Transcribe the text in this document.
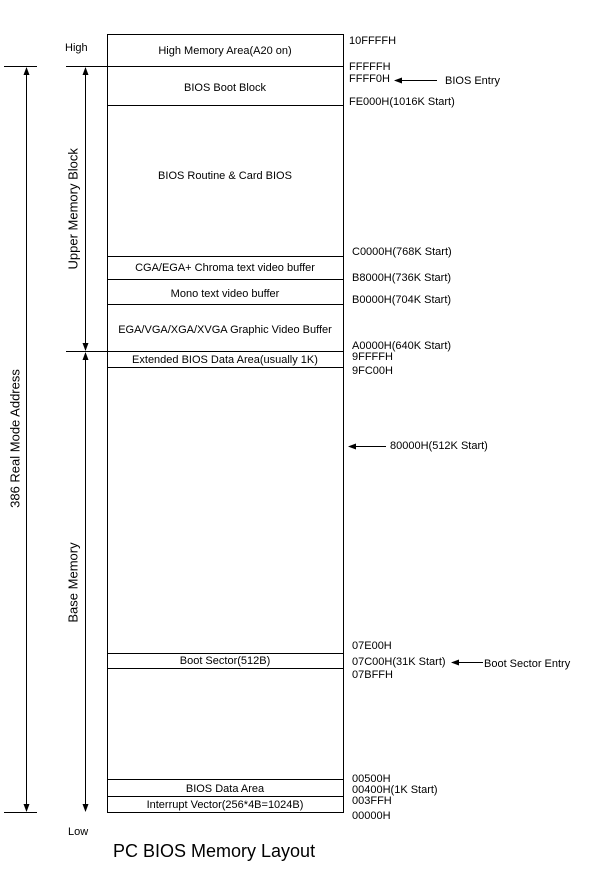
High Memory Area(A20 on)
BIOS Boot Block
BIOS Routine & Card BIOS
CGA/EGA+ Chroma text video buffer
Mono text video buffer
EGA/VGA/XGA/XVGA Graphic Video Buffer
Extended BIOS Data Area(usually 1K)
Boot Sector(512B)
BIOS Data Area
Interrupt Vector(256*4B=1024B)
High
Low
386 Real Mode Address
Upper Memory Block
Base Memory
10FFFFH
FFFFFH
FFFF0H
FE000H(1016K Start)
C0000H(768K Start)
B8000H(736K Start)
B0000H(704K Start)
A0000H(640K Start)
9FFFFH
9FC00H
80000H(512K Start)
07E00H
07C00H(31K Start)
07BFFH
00500H
00400H(1K Start)
003FFH
00000H
BIOS Entry
Boot Sector Entry
PC BIOS Memory Layout
